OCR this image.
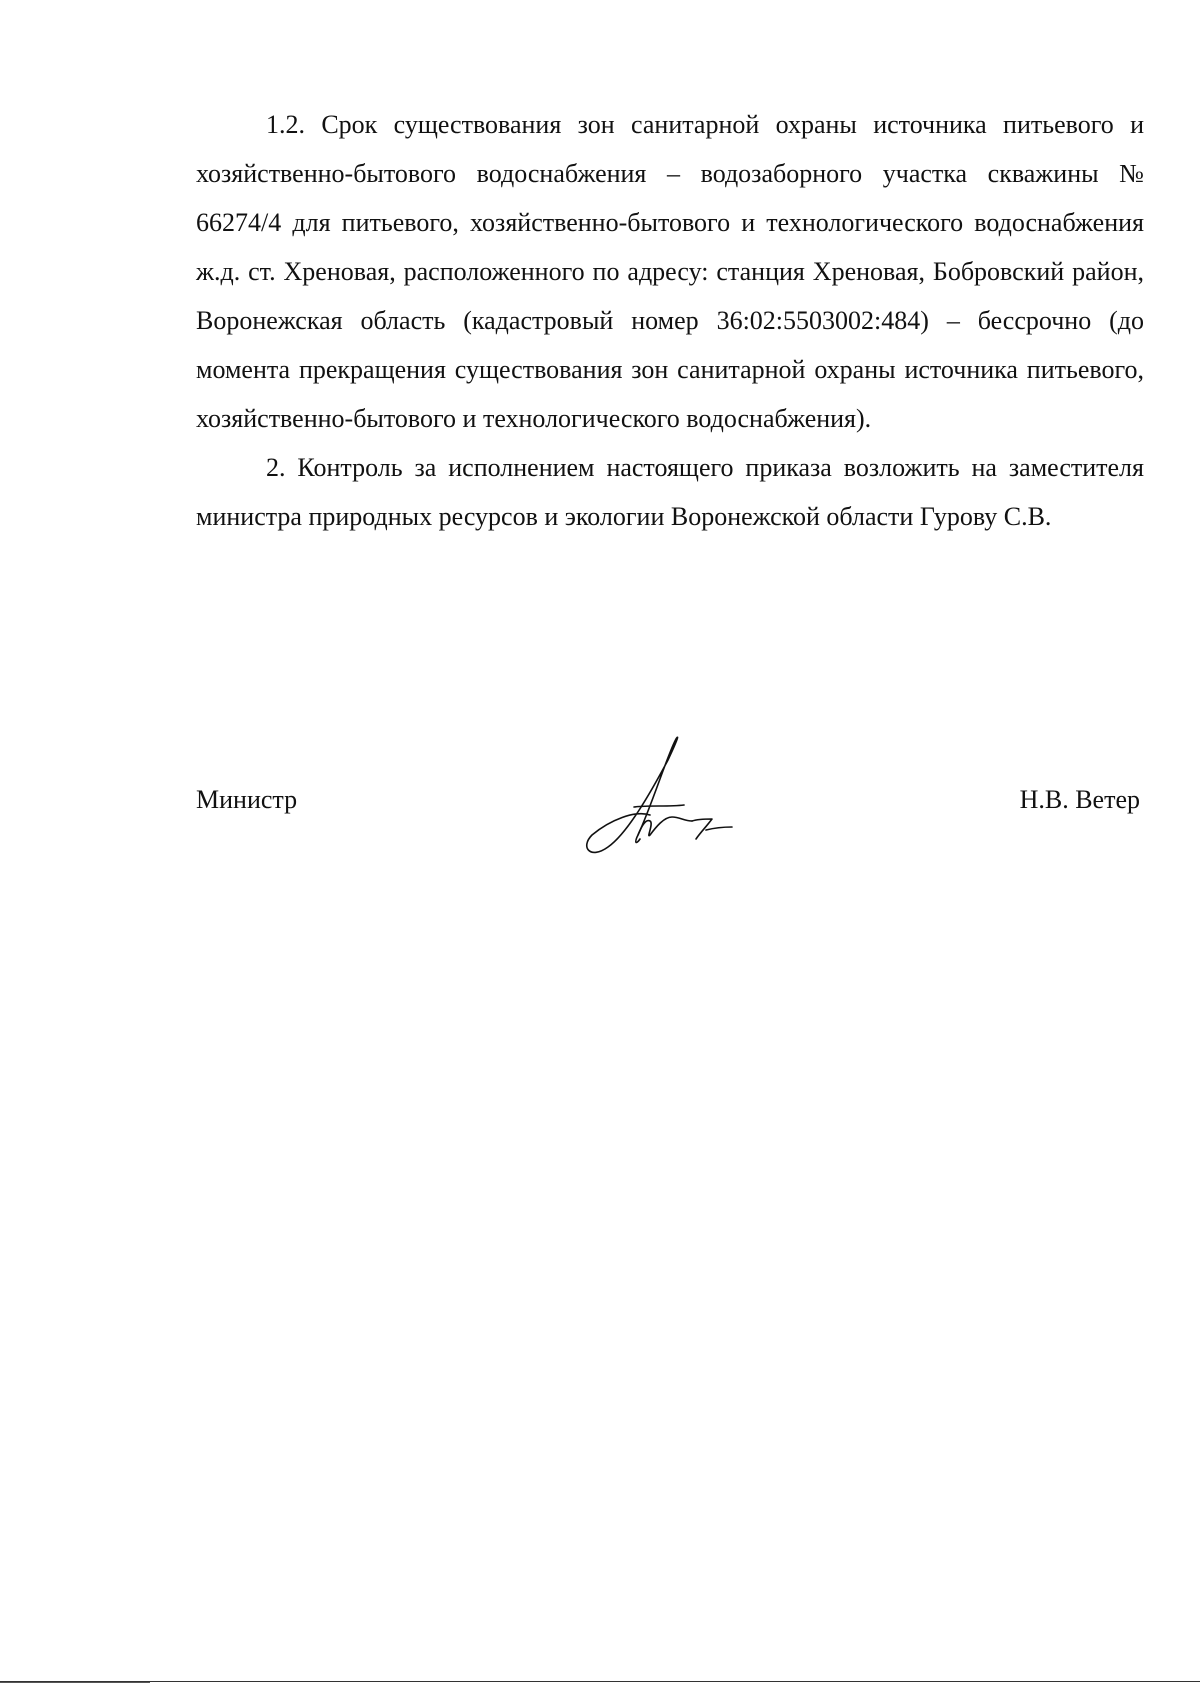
1.2. Срок существования зон санитарной охраны источника питьевого и хозяйственно-бытового водоснабжения – водозаборного участка скважины № 66274/4 для питьевого, хозяйственно-бытового и технологического водоснабжения ж.д. ст. Хреновая, расположенного по адресу: станция Хреновая, Бобровский район, Воронежская область (кадастровый номер 36:02:5503002:484) – бессрочно (до момента прекращения существования зон санитарной охраны источника питьевого, хозяйственно-бытового и технологического водоснабжения).

2. Контроль за исполнением настоящего приказа возложить на заместителя министра природных ресурсов и экологии Воронежской области Гурову С.В.

Министр	Н.В. Ветер
